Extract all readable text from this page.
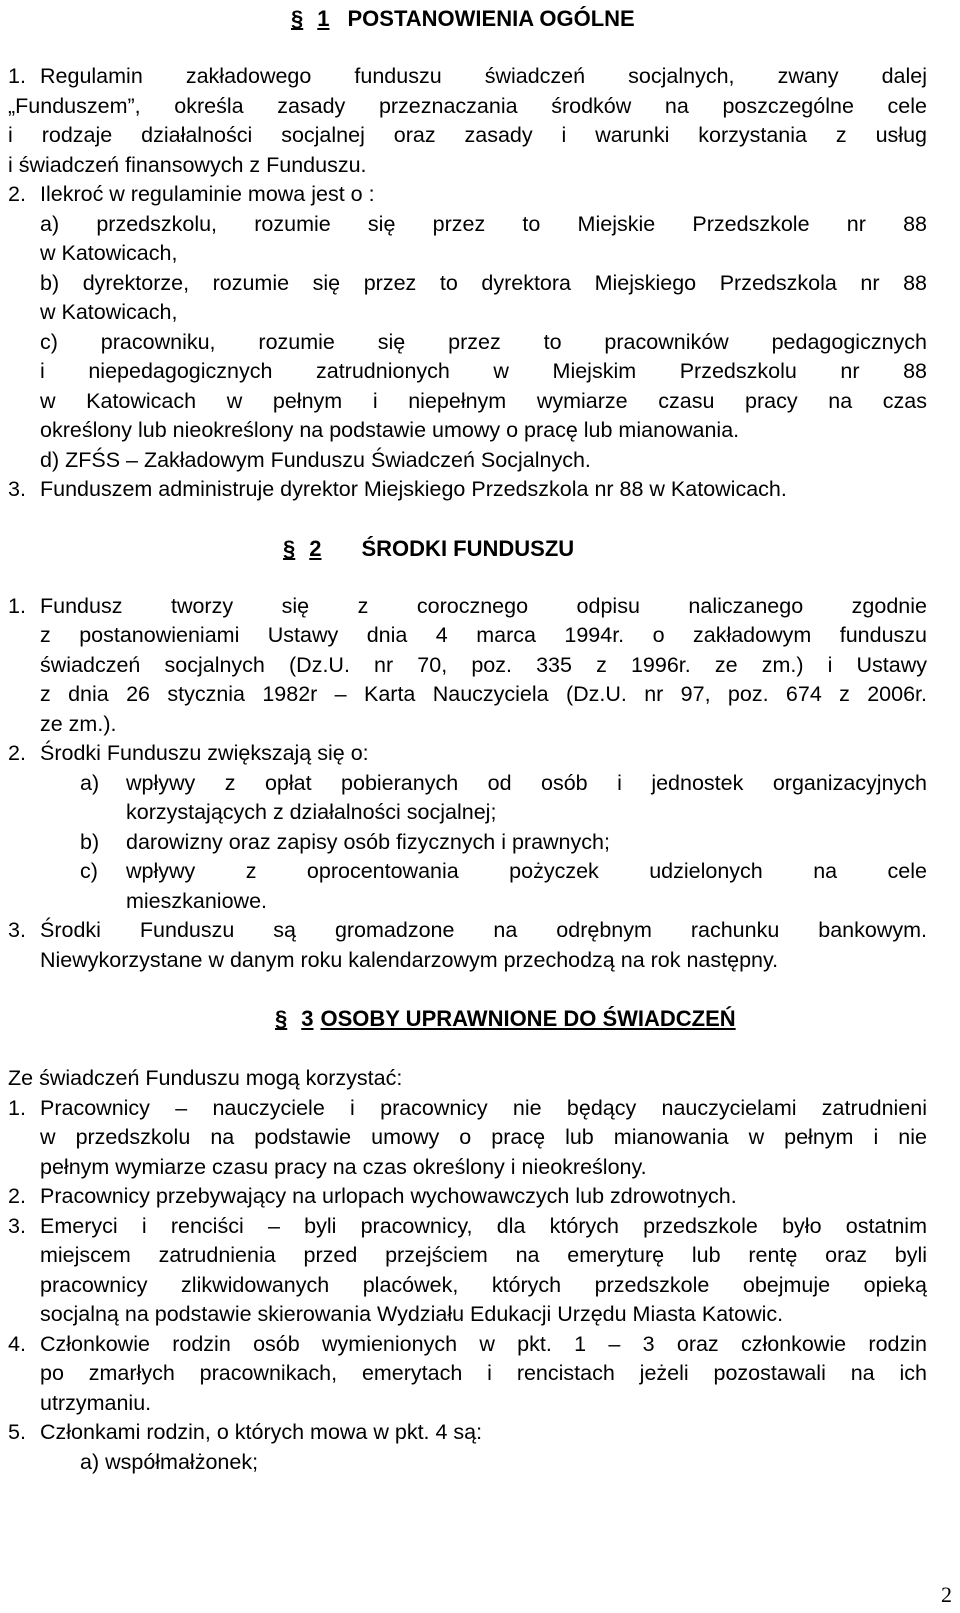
§ 1 POSTANOWIENIA OGÓLNE
1. Regulamin zakładowego funduszu świadczeń socjalnych, zwany dalej
„Funduszem”, określa zasady przeznaczania środków na poszczególne cele
i rodzaje działalności socjalnej oraz zasady i warunki korzystania z usług
i świadczeń finansowych z Funduszu.
2. Ilekroć w regulaminie mowa jest o :
a) przedszkolu, rozumie się przez to Miejskie Przedszkole nr 88
w Katowicach,
b) dyrektorze, rozumie się przez to dyrektora Miejskiego Przedszkola nr 88
w Katowicach,
c) pracowniku, rozumie się przez to pracowników pedagogicznych
i niepedagogicznych zatrudnionych w Miejskim Przedszkolu nr 88
w Katowicach w pełnym i niepełnym wymiarze czasu pracy na czas
określony lub nieokreślony na podstawie umowy o pracę lub mianowania.
d) ZFŚS – Zakładowym Funduszu Świadczeń Socjalnych.
3. Funduszem administruje dyrektor Miejskiego Przedszkola nr 88 w Katowicach.
§ 2 ŚRODKI FUNDUSZU
1. Fundusz tworzy się z corocznego odpisu naliczanego zgodnie
z postanowieniami Ustawy dnia 4 marca 1994r. o zakładowym funduszu
świadczeń socjalnych (Dz.U. nr 70, poz. 335 z 1996r. ze zm.) i Ustawy
z dnia 26 stycznia 1982r – Karta Nauczyciela (Dz.U. nr 97, poz. 674 z 2006r.
ze zm.).
2. Środki Funduszu zwiększają się o:
a) wpływy z opłat pobieranych od osób i jednostek organizacyjnych
korzystających z działalności socjalnej;
b) darowizny oraz zapisy osób fizycznych i prawnych;
c) wpływy z oprocentowania pożyczek udzielonych na cele
mieszkaniowe.
3. Środki Funduszu są gromadzone na odrębnym rachunku bankowym.
Niewykorzystane w danym roku kalendarzowym przechodzą na rok następny.
§ 3 OSOBY UPRAWNIONE DO ŚWIADCZEŃ
Ze świadczeń Funduszu mogą korzystać:
1. Pracownicy – nauczyciele i pracownicy nie będący nauczycielami zatrudnieni
w przedszkolu na podstawie umowy o pracę lub mianowania w pełnym i nie
pełnym wymiarze czasu pracy na czas określony i nieokreślony.
2. Pracownicy przebywający na urlopach wychowawczych lub zdrowotnych.
3. Emeryci i renciści – byli pracownicy, dla których przedszkole było ostatnim
miejscem zatrudnienia przed przejściem na emeryturę lub rentę oraz byli
pracownicy zlikwidowanych placówek, których przedszkole obejmuje opieką
socjalną na podstawie skierowania Wydziału Edukacji Urzędu Miasta Katowic.
4. Członkowie rodzin osób wymienionych w pkt. 1 – 3 oraz członkowie rodzin
po zmarłych pracownikach, emerytach i rencistach jeżeli pozostawali na ich
utrzymaniu.
5. Członkami rodzin, o których mowa w pkt. 4 są:
a) współmałżonek;
2
